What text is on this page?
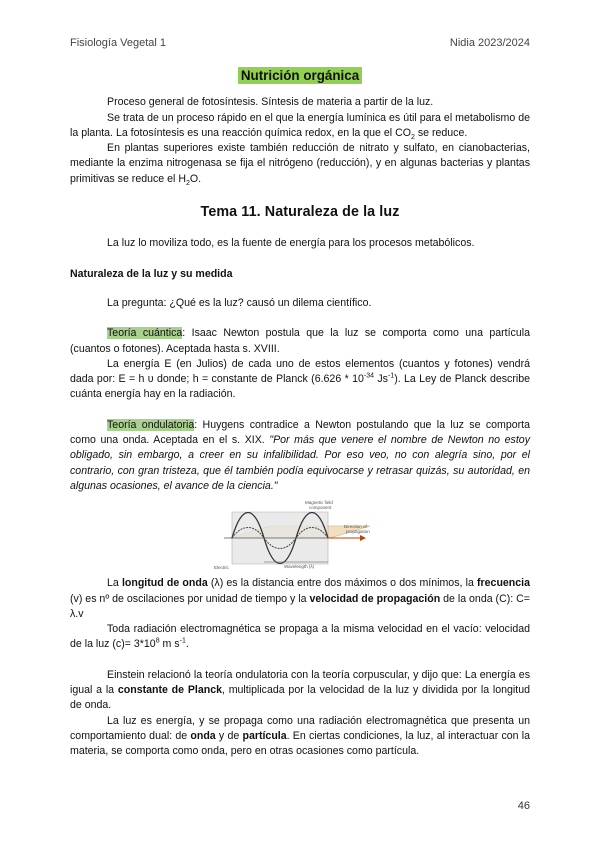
Fisiología Vegetal 1	Nidia 2023/2024
Nutrición orgánica

Proceso general de fotosíntesis. Síntesis de materia a partir de la luz.

Se trata de un proceso rápido en el que la energía lumínica es útil para el metabolismo de la planta. La fotosíntesis es una reacción química redox, en la que el $CO_2$ se reduce.

En plantas superiores existe también reducción de nitrato y sulfato, en cianobacterias, mediante la enzima nitrogenasa se fija el nitrógeno (reducción), y en algunas bacterias y plantas primitivas se reduce el $H_2O$.

Tema 11. Naturaleza de la luz

La luz lo moviliza todo, es la fuente de energía para los procesos metabólicos.

Naturaleza de la luz y su medida

La pregunta: ¿Qué es la luz? causó un dilema científico.

Teoría cuántica: Isaac Newton postula que la luz se comporta como una partícula (cuantos o fotones). Aceptada hasta s. XVIII.

La energía E (en Julios) de cada uno de estos elementos (cuantos y fotones) vendrá dada por: E = h υ donde; h = constante de Planck ($6.626 * 10^{-34}$ $Js^{-1}$). La Ley de Planck describe cuánta energía hay en la radiación.

Teoría ondulatoria: Huygens contradice a Newton postulando que la luz se comporta como una onda. Aceptada en el s. XIX. "Por más que venere el nombre de Newton no estoy obligado, sin embargo, a creer en su infalibilidad. Por eso veo, no con alegría sino, por el contrario, con gran tristeza, que él también podía equivocarse y retrasar quizás, su autoridad, en algunas ocasiones, el avance de la ciencia."

Magnetic field
component
Direction of
propagation
Wavelength (λ)
Electric

La longitud de onda (λ) es la distancia entre dos máximos o dos mínimos, la frecuencia (v) es nº de oscilaciones por unidad de tiempo y la velocidad de propagación de la onda (C): C= λ.v

Toda radiación electromagnética se propaga a la misma velocidad en el vacío: velocidad de la luz $(c)= 3*10^8$ m $s^{-1}$.

Einstein relacionó la teoría ondulatoria con la teoría corpuscular, y dijo que: La energía es igual a la constante de Planck, multiplicada por la velocidad de la luz y dividida por la longitud de onda.

La luz es energía, y se propaga como una radiación electromagnética que presenta un comportamiento dual: de onda y de partícula. En ciertas condiciones, la luz, al interactuar con la materia, se comporta como onda, pero en otras ocasiones como partícula.

46
